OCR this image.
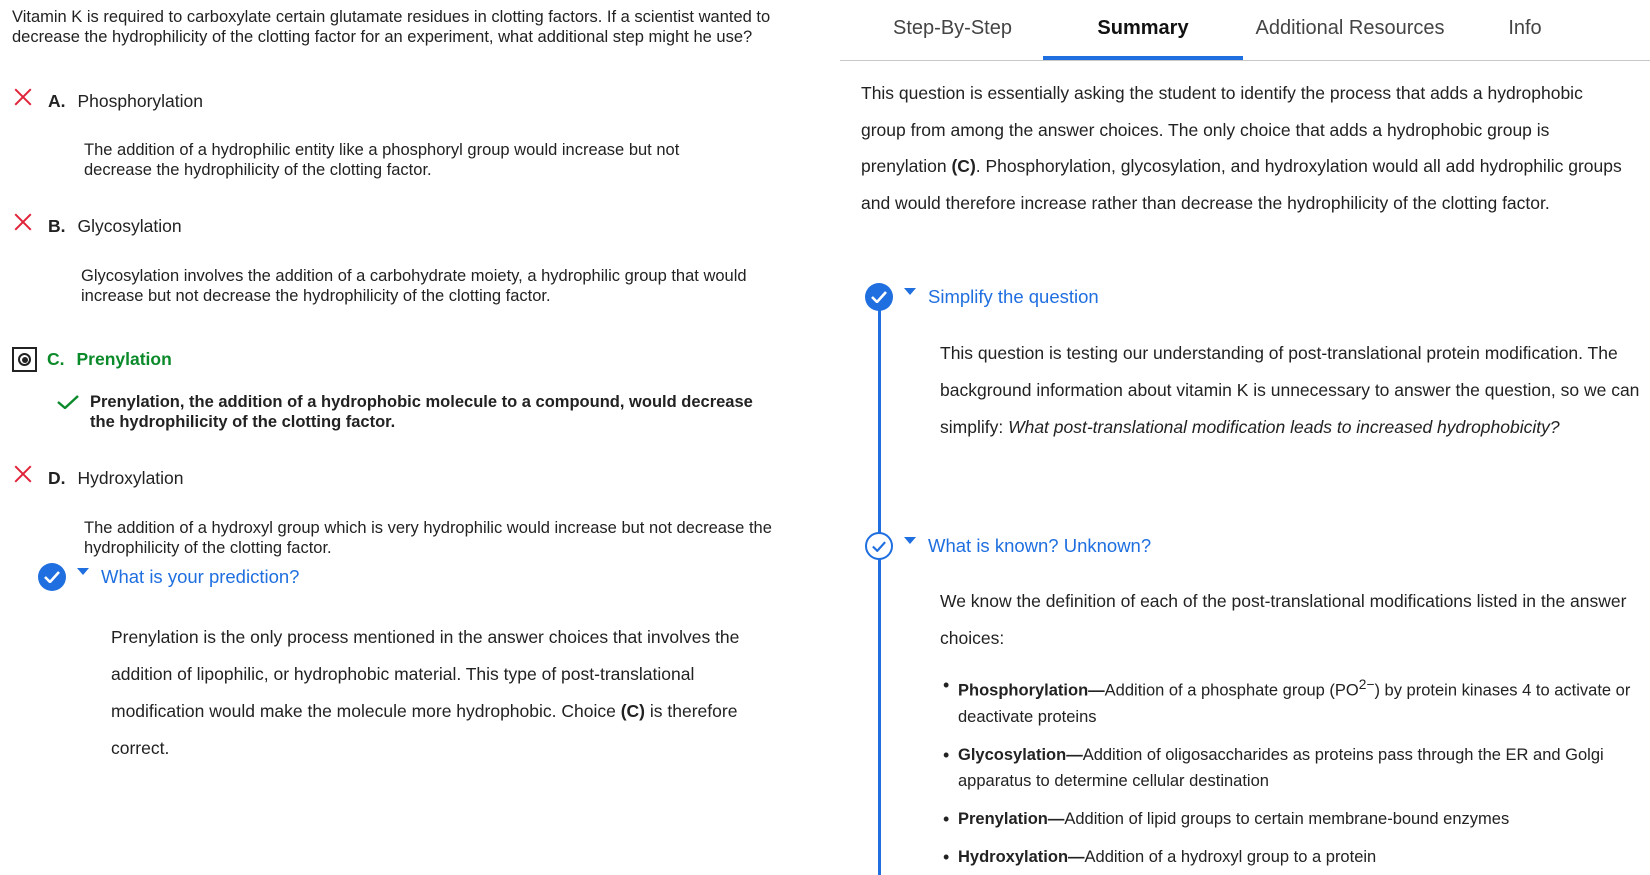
Vitamin K is required to carboxylate certain glutamate residues in clotting factors. If a scientist wanted to decrease the hydrophilicity of the clotting factor for an experiment, what additional step might he use?
A. Phosphorylation
The addition of a hydrophilic entity like a phosphoryl group would increase but not decrease the hydrophilicity of the clotting factor.
B. Glycosylation
Glycosylation involves the addition of a carbohydrate moiety, a hydrophilic group that would increase but not decrease the hydrophilicity of the clotting factor.
C. Prenylation
Prenylation, the addition of a hydrophobic molecule to a compound, would decrease the hydrophilicity of the clotting factor.
D. Hydroxylation
The addition of a hydroxyl group which is very hydrophilic would increase but not decrease the hydrophilicity of the clotting factor.
What is your prediction?
Prenylation is the only process mentioned in the answer choices that involves the addition of lipophilic, or hydrophobic material. This type of post-translational modification would make the molecule more hydrophobic. Choice (C) is therefore correct.
Step-By-Step	Summary	Additional Resources	Info
This question is essentially asking the student to identify the process that adds a hydrophobic group from among the answer choices. The only choice that adds a hydrophobic group is prenylation (C). Phosphorylation, glycosylation, and hydroxylation would all add hydrophilic groups and would therefore increase rather than decrease the hydrophilicity of the clotting factor.
Simplify the question
This question is testing our understanding of post-translational protein modification. The background information about vitamin K is unnecessary to answer the question, so we can simplify: What post-translational modification leads to increased hydrophobicity?
What is known? Unknown?
We know the definition of each of the post-translational modifications listed in the answer choices:
• Phosphorylation—Addition of a phosphate group $(PO^{2-})$ by protein kinases 4 to activate or deactivate proteins
• Glycosylation—Addition of oligosaccharides as proteins pass through the ER and Golgi apparatus to determine cellular destination
• Prenylation—Addition of lipid groups to certain membrane-bound enzymes
• Hydroxylation—Addition of a hydroxyl group to a protein
